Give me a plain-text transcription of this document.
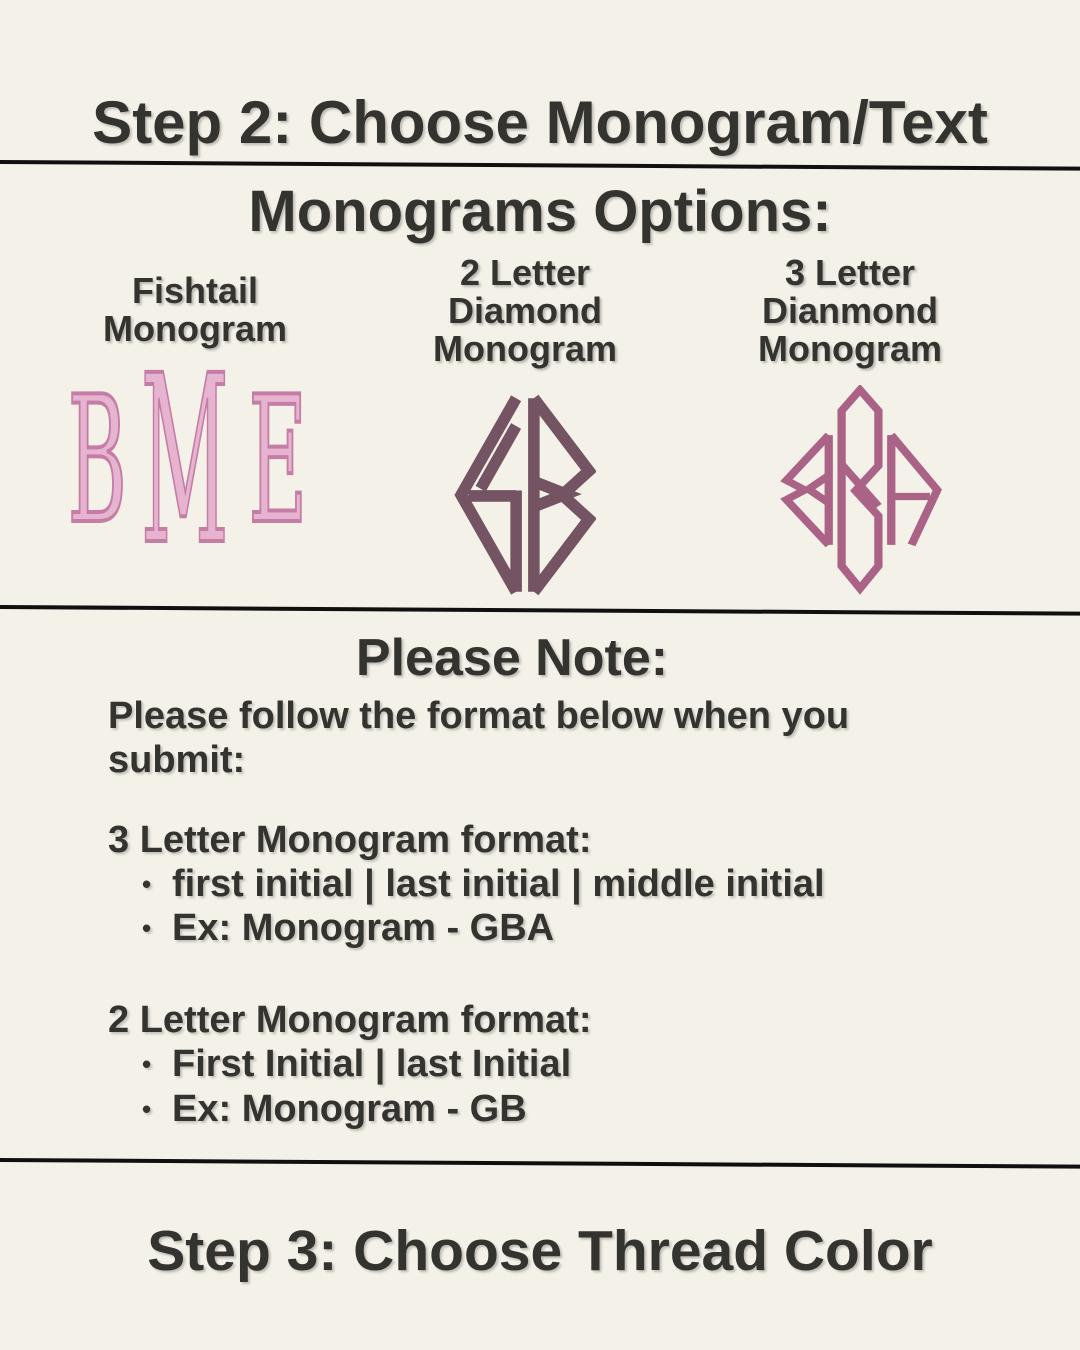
Step 2: Choose Monogram/Text
Monograms Options:

Fishtail Monogram

2 Letter Diamond Monogram

3 Letter Dianmond Monogram

B M E
Please Note:

Please follow the format below when you submit:

3 Letter Monogram format:

• first initial | last initial | middle initial
• Ex: Monogram - GBA

2 Letter Monogram format:

• First Initial | last Initial
• Ex: Monogram - GB
Step 3: Choose Thread Color
